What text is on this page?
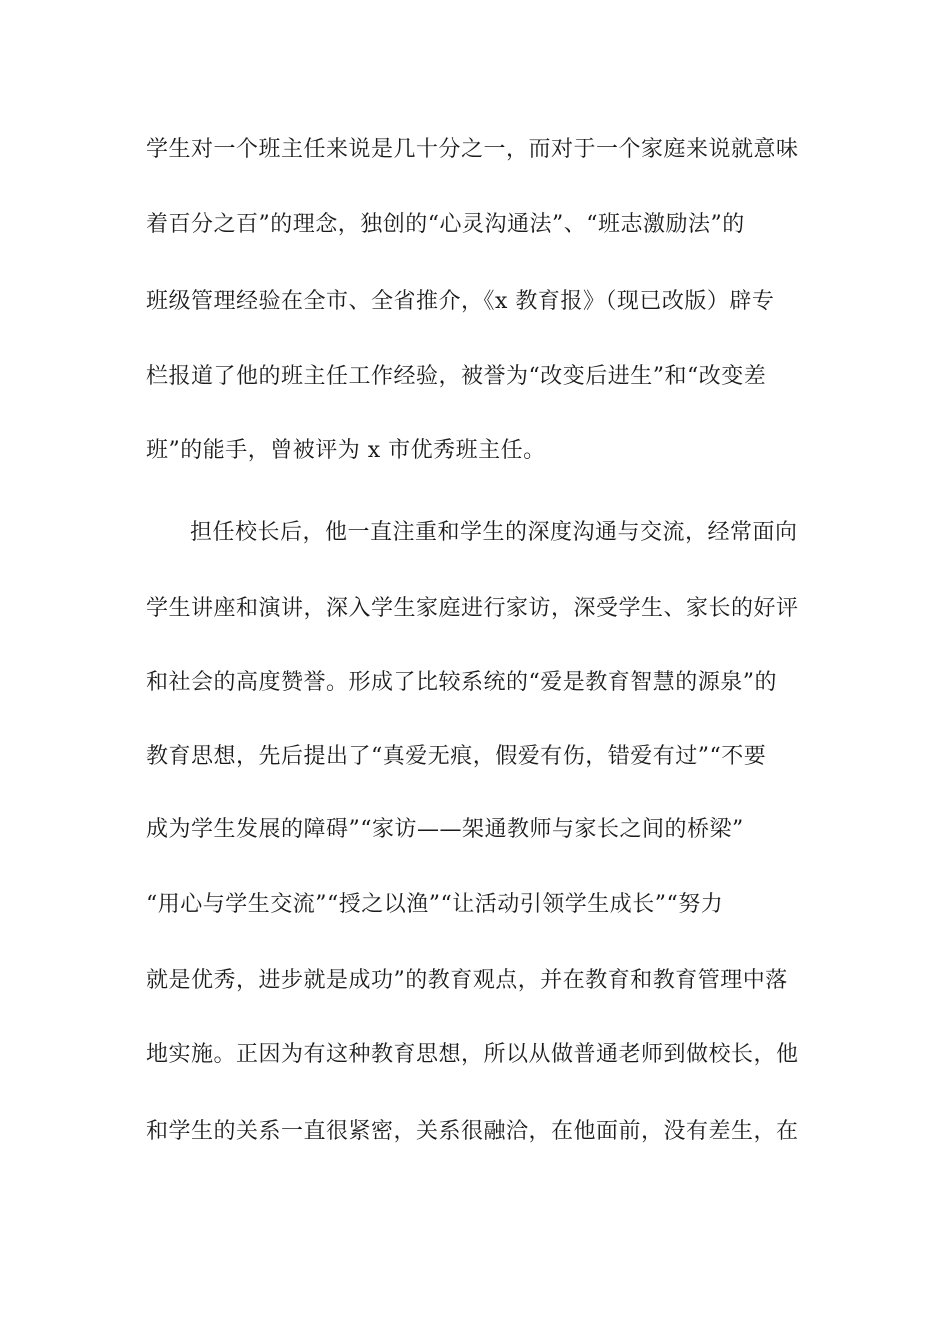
学生对一个班主任来说是几十分之一，而对于一个家庭来说就意味
着百分之百”的理念，独创的“心灵沟通法”、“班志激励法”的
班级管理经验在全市、全省推介，《x 教育报》（现已改版）辟专
栏报道了他的班主任工作经验，被誉为“改变后进生”和“改变差
班”的能手，曾被评为 x 市优秀班主任。
担任校长后，他一直注重和学生的深度沟通与交流，经常面向
学生讲座和演讲，深入学生家庭进行家访，深受学生、家长的好评
和社会的高度赞誉。形成了比较系统的“爱是教育智慧的源泉”的
教育思想，先后提出了“真爱无痕，假爱有伤，错爱有过”“不要
成为学生发展的障碍”“家访——架通教师与家长之间的桥梁”
“用心与学生交流”“授之以渔”“让活动引领学生成长”“努力
就是优秀，进步就是成功”的教育观点，并在教育和教育管理中落
地实施。正因为有这种教育思想，所以从做普通老师到做校长，他
和学生的关系一直很紧密，关系很融洽，在他面前，没有差生，在
